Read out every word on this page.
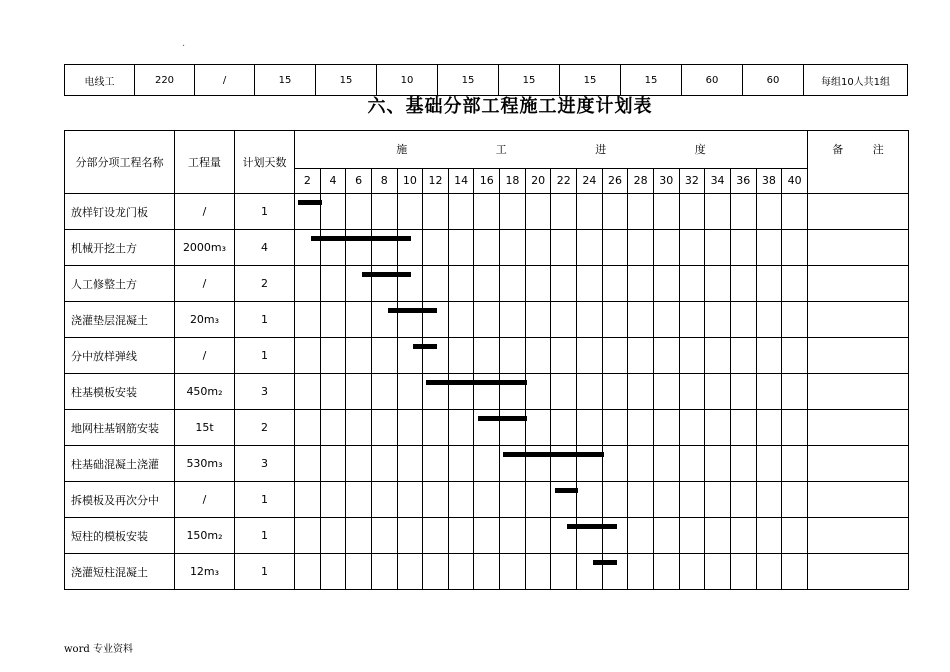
.
电线工	220	/	15	15	10	15	15	15	15	60	60	每组10人共1组
六、基础分部工程施工进度计划表
分部分项工程名称	工程量	计划天数	施 工 进 度																				备 注
			2	4	6	8	10	12	14	16	18	20	22	24	26	28	30	32	34	36	38	40	
放样钉设龙门板	/	1	

机械开挖土方	2000m₃	4	

人工修整土方	/	2	

浇灌垫层混凝土	20m₃	1	

分中放样弹线	/	1	

柱基模板安装	450m₂	3	

地网柱基钢筋安装	15t	2	

柱基础混凝土浇灌	530m₃	3	

拆模板及再次分中	/	1	

短柱的模板安装	150m₂	1	

浇灌短柱混凝土	12m₃	1	

word 专业资料
